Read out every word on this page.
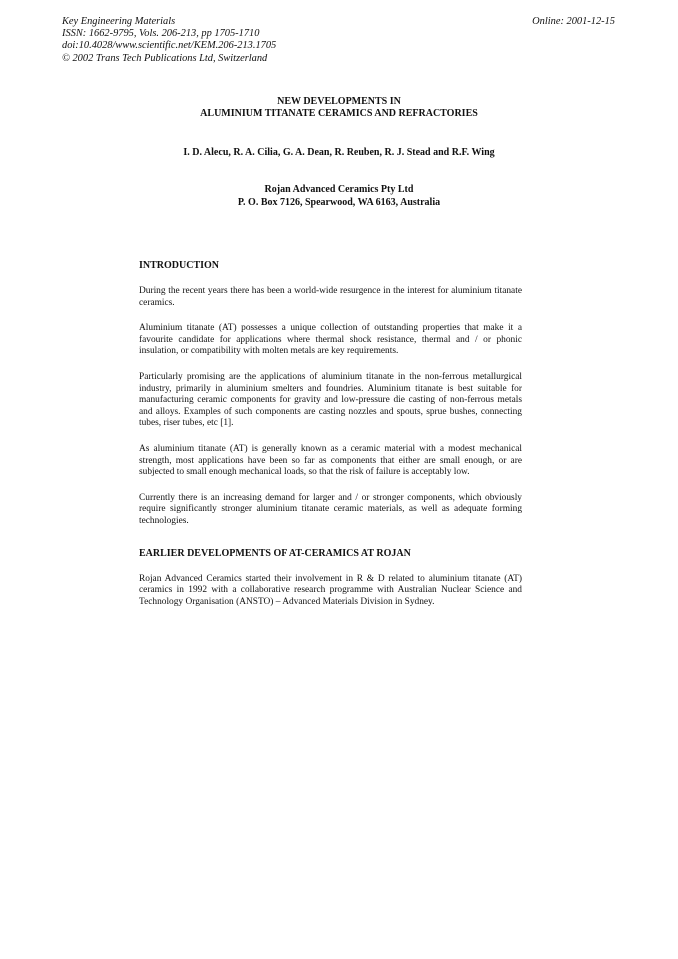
Key Engineering Materials
ISSN: 1662-9795, Vols. 206-213, pp 1705-1710
doi:10.4028/www.scientific.net/KEM.206-213.1705
© 2002 Trans Tech Publications Ltd, Switzerland
Online: 2001-12-15
NEW DEVELOPMENTS IN
ALUMINIUM TITANATE CERAMICS AND REFRACTORIES
I. D. Alecu, R. A. Cilia, G. A. Dean, R. Reuben, R. J. Stead and R.F. Wing
Rojan Advanced Ceramics Pty Ltd
P. O. Box 7126, Spearwood, WA 6163, Australia
INTRODUCTION

During the recent years there has been a world-wide resurgence in the interest for aluminium titanate ceramics.

Aluminium titanate (AT) possesses a unique collection of outstanding properties that make it a favourite candidate for applications where thermal shock resistance, thermal and / or phonic insulation, or compatibility with molten metals are key requirements.

Particularly promising are the applications of aluminium titanate in the non-ferrous metallurgical industry, primarily in aluminium smelters and foundries. Aluminium titanate is best suitable for manufacturing ceramic components for gravity and low-pressure die casting of non-ferrous metals and alloys. Examples of such components are casting nozzles and spouts, sprue bushes, connecting tubes, riser tubes, etc [1].

As aluminium titanate (AT) is generally known as a ceramic material with a modest mechanical strength, most applications have been so far as components that either are small enough, or are subjected to small enough mechanical loads, so that the risk of failure is acceptably low.

Currently there is an increasing demand for larger and / or stronger components, which obviously require significantly stronger aluminium titanate ceramic materials, as well as adequate forming technologies.

EARLIER DEVELOPMENTS OF AT-CERAMICS AT ROJAN

Rojan Advanced Ceramics started their involvement in R & D related to aluminium titanate (AT) ceramics in 1992 with a collaborative research programme with Australian Nuclear Science and Technology Organisation (ANSTO) – Advanced Materials Division in Sydney.
